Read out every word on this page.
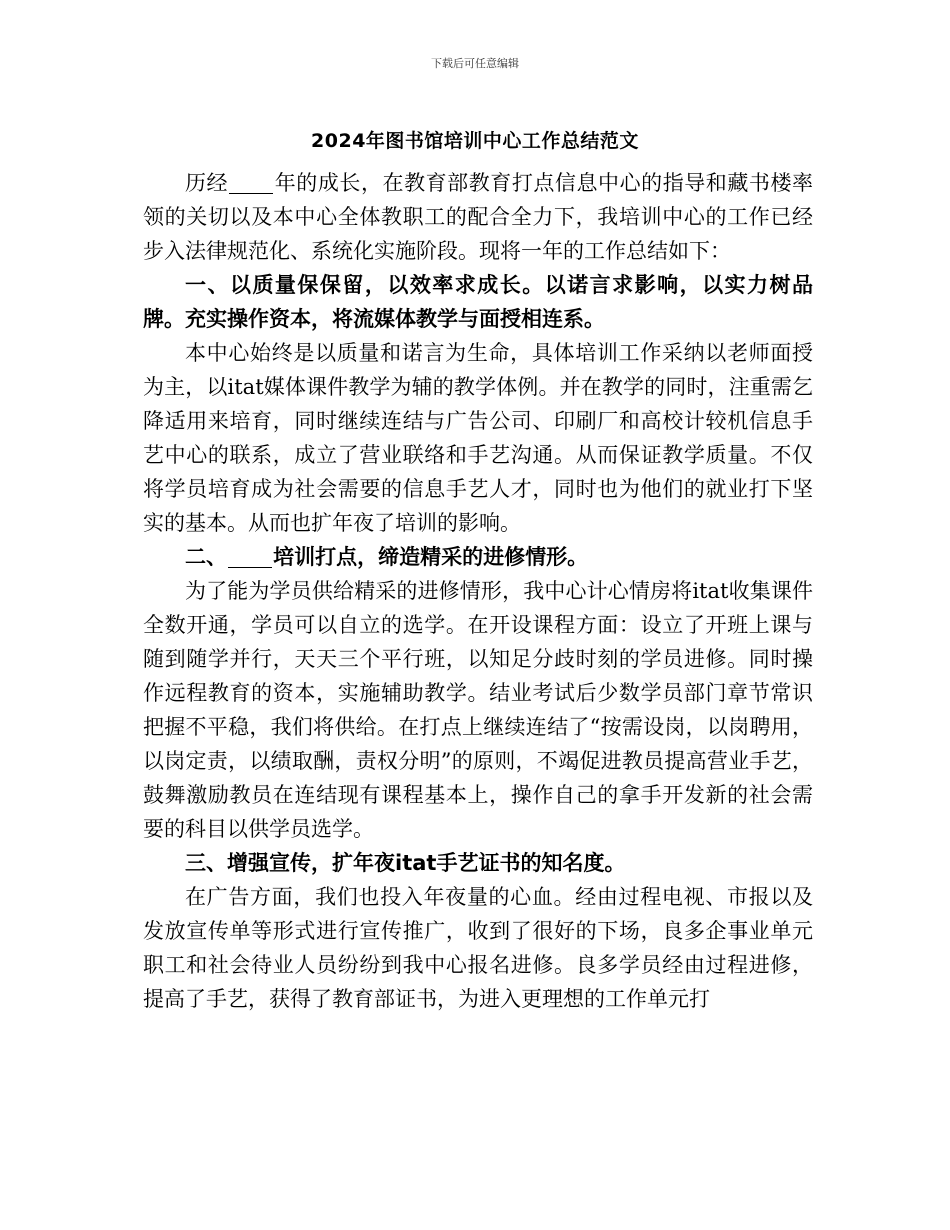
下载后可任意编辑
2024年图书馆培训中心工作总结范文

历经 年的成长，在教育部教育打点信息中心的指导和藏书楼率领的关切以及本中心全体教职工的配合全力下，我培训中心的工作已经步入法律规范化、系统化实施阶段。现将一年的工作总结如下：

一、以质量保保留，以效率求成长。以诺言求影响，以实力树品牌。充实操作资本，将流媒体教学与面授相连系。

本中心始终是以质量和诺言为生命，具体培训工作采纳以老师面授为主，以itat媒体课件教学为辅的教学体例。并在教学的同时，注重需乞降适用来培育，同时继续连结与广告公司、印刷厂和高校计较机信息手艺中心的联系，成立了营业联络和手艺沟通。从而保证教学质量。不仅将学员培育成为社会需要的信息手艺人才，同时也为他们的就业打下坚实的基本。从而也扩年夜了培训的影响。

二、 培训打点，缔造精采的进修情形。

为了能为学员供给精采的进修情形，我中心计心情房将itat收集课件全数开通，学员可以自立的选学。在开设课程方面：设立了开班上课与随到随学并行，天天三个平行班，以知足分歧时刻的学员进修。同时操作远程教育的资本，实施辅助教学。结业考试后少数学员部门章节常识把握不平稳，我们将供给。在打点上继续连结了“按需设岗，以岗聘用，以岗定责，以绩取酬，责权分明”的原则，不竭促进教员提高营业手艺，鼓舞激励教员在连结现有课程基本上，操作自己的拿手开发新的社会需要的科目以供学员选学。

三、增强宣传，扩年夜itat手艺证书的知名度。

在广告方面，我们也投入年夜量的心血。经由过程电视、市报以及发放宣传单等形式进行宣传推广，收到了很好的下场，良多企事业单元职工和社会待业人员纷纷到我中心报名进修。良多学员经由过程进修，提高了手艺，获得了教育部证书，为进入更理想的工作单元打
